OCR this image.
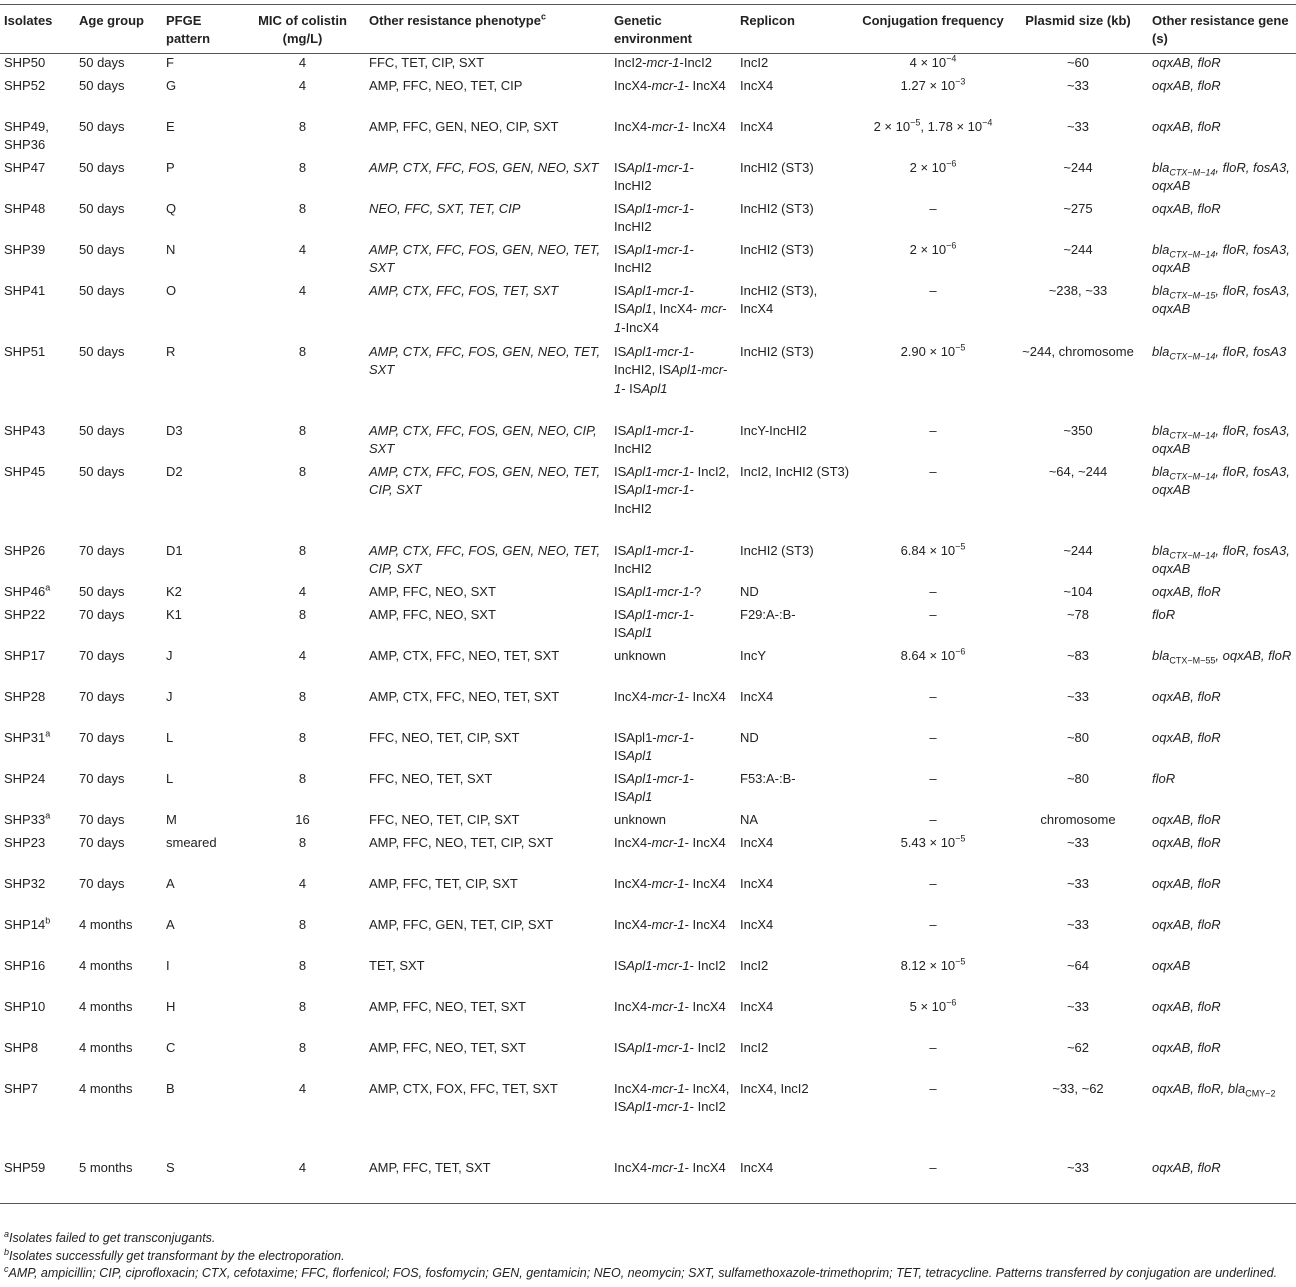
Isolates	Age group	PFGE pattern	MIC of colistin (mg/L)	Other resistance phenotype$^c$	Genetic environment	Replicon	Conjugation frequency	Plasmid size (kb)	Other resistance gene (s)
SHP50	50 days	F	4	FFC, TET, CIP, SXT	IncI2-mcr-1-IncI2	IncI2	$4 \times 10^{-4}$	~60	oqxAB, floR
SHP52	50 days	G	4	AMP, FFC, NEO, TET, CIP	IncX4-mcr-1- IncX4	IncX4	$1.27 \times 10^{-3}$	~33	oqxAB, floR
SHP49, SHP36	50 days	E	8	AMP, FFC, GEN, NEO, CIP, SXT	IncX4-mcr-1- IncX4	IncX4	$2 \times 10^{-5}$, $1.78 \times 10^{-4}$	~33	oqxAB, floR
SHP47	50 days	P	8	AMP, CTX, FFC, FOS, GEN, NEO, SXT	ISApl1-mcr-1- IncHI2	IncHI2 (ST3)	$2 \times 10^{-6}$	~244	bla$_{CTX-M-14}$, floR, fosA3, oqxAB
SHP48	50 days	Q	8	NEO, FFC, SXT, TET, CIP	ISApl1-mcr-1- IncHI2	IncHI2 (ST3)	–	~275	oqxAB, floR
SHP39	50 days	N	4	AMP, CTX, FFC, FOS, GEN, NEO, TET, SXT	ISApl1-mcr-1- IncHI2	IncHI2 (ST3)	$2 \times 10^{-6}$	~244	bla$_{CTX-M-14}$, floR, fosA3, oqxAB
SHP41	50 days	O	4	AMP, CTX, FFC, FOS, TET, SXT	ISApl1-mcr-1- ISApl1, IncX4- mcr-1-IncX4	IncHI2 (ST3), IncX4	–	~238, ~33	bla$_{CTX-M-15}$, floR, fosA3, oqxAB
SHP51	50 days	R	8	AMP, CTX, FFC, FOS, GEN, NEO, TET, SXT	ISApl1-mcr-1- IncHI2, ISApl1-mcr-1- ISApl1	IncHI2 (ST3)	$2.90 \times 10^{-5}$	~244, chromosome	bla$_{CTX-M-14}$, floR, fosA3
SHP43	50 days	D3	8	AMP, CTX, FFC, FOS, GEN, NEO, CIP, SXT	ISApl1-mcr-1- IncHI2	IncY-IncHI2	–	~350	bla$_{CTX-M-14}$, floR, fosA3, oqxAB
SHP45	50 days	D2	8	AMP, CTX, FFC, FOS, GEN, NEO, TET, CIP, SXT	ISApl1-mcr-1- IncI2, ISApl1-mcr-1- IncHI2	IncI2, IncHI2 (ST3)	–	~64, ~244	bla$_{CTX-M-14}$, floR, fosA3, oqxAB
SHP26	70 days	D1	8	AMP, CTX, FFC, FOS, GEN, NEO, TET, CIP, SXT	ISApl1-mcr-1- IncHI2	IncHI2 (ST3)	$6.84 \times 10^{-5}$	~244	bla$_{CTX-M-14}$, floR, fosA3, oqxAB
SHP46$^a$	50 days	K2	4	AMP, FFC, NEO, SXT	ISApl1-mcr-1-?	ND	–	~104	oqxAB, floR
SHP22	70 days	K1	8	AMP, FFC, NEO, SXT	ISApl1-mcr-1- ISApl1	F29:A-:B-	–	~78	floR
SHP17	70 days	J	4	AMP, CTX, FFC, NEO, TET, SXT	unknown	IncY	$8.64 \times 10^{-6}$	~83	bla$_{CTX-M-55}$, oqxAB, floR
SHP28	70 days	J	8	AMP, CTX, FFC, NEO, TET, SXT	IncX4-mcr-1- IncX4	IncX4	–	~33	oqxAB, floR
SHP31$^a$	70 days	L	8	FFC, NEO, TET, CIP, SXT	ISApl1-mcr-1- ISApl1	ND	–	~80	oqxAB, floR
SHP24	70 days	L	8	FFC, NEO, TET, SXT	ISApl1-mcr-1- ISApl1	F53:A-:B-	–	~80	floR
SHP33$^a$	70 days	M	16	FFC, NEO, TET, CIP, SXT	unknown	NA	–	chromosome	oqxAB, floR
SHP23	70 days	smeared	8	AMP, FFC, NEO, TET, CIP, SXT	IncX4-mcr-1- IncX4	IncX4	$5.43 \times 10^{-5}$	~33	oqxAB, floR
SHP32	70 days	A	4	AMP, FFC, TET, CIP, SXT	IncX4-mcr-1- IncX4	IncX4	–	~33	oqxAB, floR
SHP14$^b$	4 months	A	8	AMP, FFC, GEN, TET, CIP, SXT	IncX4-mcr-1- IncX4	IncX4	–	~33	oqxAB, floR
SHP16	4 months	I	8	TET, SXT	ISApl1-mcr-1- IncI2	IncI2	$8.12 \times 10^{-5}$	~64	oqxAB
SHP10	4 months	H	8	AMP, FFC, NEO, TET, SXT	IncX4-mcr-1- IncX4	IncX4	$5 \times 10^{-6}$	~33	oqxAB, floR
SHP8	4 months	C	8	AMP, FFC, NEO, TET, SXT	ISApl1-mcr-1- IncI2	IncI2	–	~62	oqxAB, floR
SHP7	4 months	B	4	AMP, CTX, FOX, FFC, TET, SXT	IncX4-mcr-1- IncX4, ISApl1-mcr-1- IncI2	IncX4, IncI2	–	~33, ~62	oqxAB, floR, bla$_{CMY-2}$
SHP59	5 months	S	4	AMP, FFC, TET, SXT	IncX4-mcr-1- IncX4	IncX4	–	~33	oqxAB, floR
$^a$Isolates failed to get transconjugants.
$^b$Isolates successfully get transformant by the electroporation.
$^c$AMP, ampicillin; CIP, ciprofloxacin; CTX, cefotaxime; FFC, florfenicol; FOS, fosfomycin; GEN, gentamicin; NEO, neomycin; SXT, sulfamethoxazole-trimethoprim; TET, tetracycline. Patterns transferred by conjugation are underlined.
